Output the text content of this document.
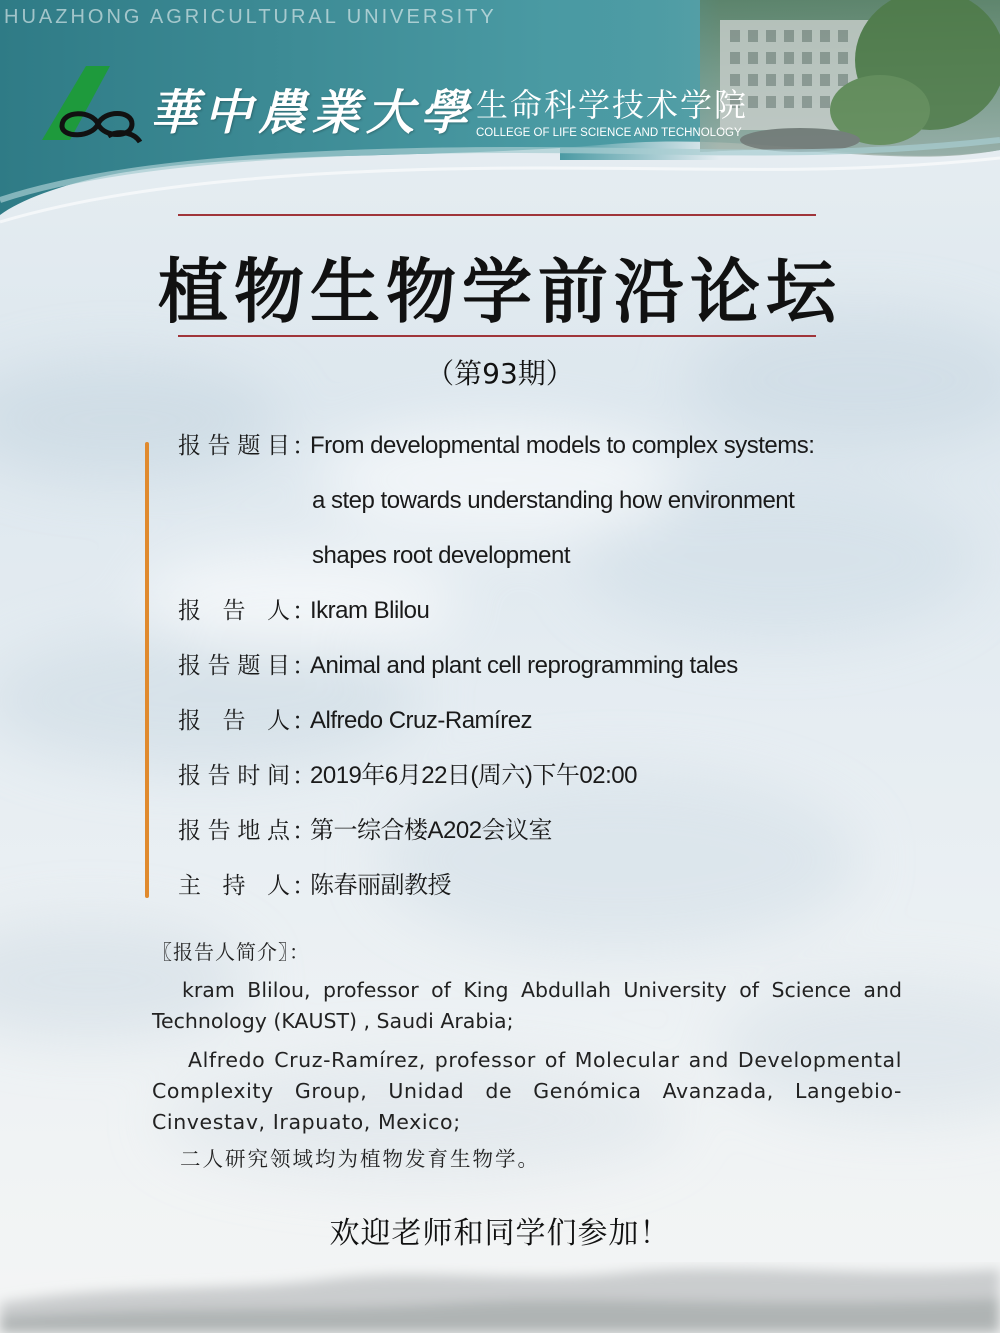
HUAZHONG AGRICULTURAL UNIVERSITY
華中農業大學 生命科学技术学院
COLLEGE OF LIFE SCIENCE AND TECHNOLOGY
植物生物学前沿论坛
（第93期）
报告题目 ：
From developmental models to complex systems:
a step towards understanding how environment
shapes root development
报告人 ：
Ikram Blilou
报告题目 ：
Animal and plant cell reprogramming tales
报告人 ：
Alfredo Cruz-Ramírez
报告时间 ：
2019年6月22日(周六)下午02:00
报告地点 ：
第一综合楼A202会议室
主持人 ：
陈春丽副教授
〖报告人简介〗：

kram Blilou, professor of King Abdullah University of Science and Technology (KAUST) , Saudi Arabia;

Alfredo Cruz-Ramírez, professor of Molecular and Developmental Complexity Group, Unidad de Genómica Avanzada, Langebio-Cinvestav, Irapuato, Mexico;

二人研究领域均为植物发育生物学。

欢迎老师和同学们参加！
